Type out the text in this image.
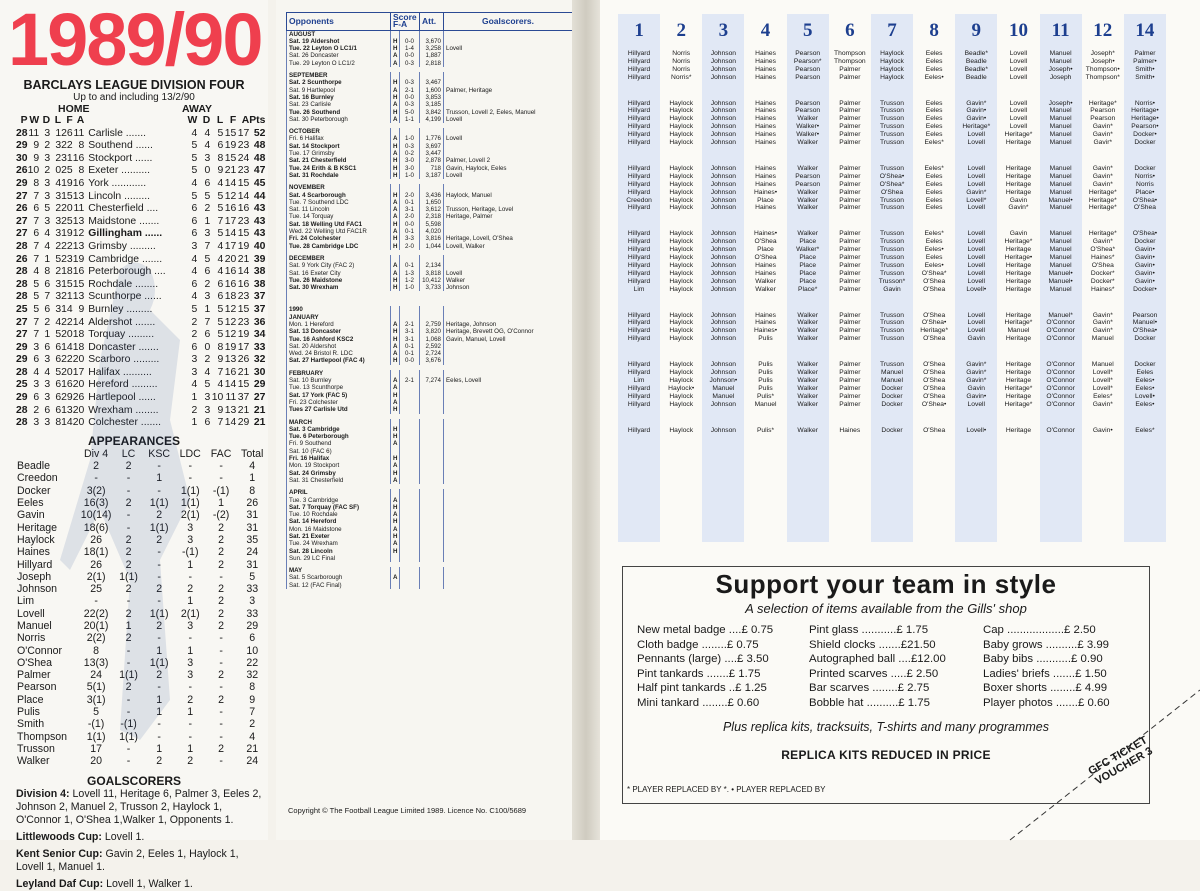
1989/90
BARCLAYS LEAGUE DIVISION FOUR
Up to and including 13/2/90
HOME	AWAY
P	W	D	L	F	A		W	D	L	F	A	Pts
28	11	3	1	26	11	Carlisle .......	4	4	5	15	17	52
29	9	2	3	22	8	Southend ......	5	4	6	19	23	48
30	9	3	2	31	16	Stockport ......	5	3	8	15	24	48
26	10	2	0	25	8	Exeter ..........	5	0	9	21	23	47
29	8	3	4	19	16	York ............	4	6	4	14	15	45
27	7	3	3	15	13	Lincoln .........	5	5	5	12	14	44
26	6	5	2	20	11	Chesterfield ....	6	2	5	16	16	43
27	7	3	3	25	13	Maidstone .......	6	1	7	17	23	43
27	6	4	3	19	12	Gillingham ......	6	3	5	14	15	43
28	7	4	2	22	13	Grimsby .........	3	7	4	17	19	40
26	7	1	5	23	19	Cambridge .......	4	5	4	20	21	39
28	4	8	2	18	16	Peterborough ....	4	6	4	16	14	38
28	5	6	3	15	15	Rochdale ........	6	2	6	16	16	38
28	5	7	3	21	13	Scunthorpe ......	4	3	6	18	23	37
25	5	6	3	14	9	Burnley .........	5	1	5	12	15	37
27	7	2	4	22	14	Aldershot .......	2	7	5	12	23	36
27	7	1	5	20	18	Torquay .........	2	6	5	12	19	34
29	3	6	6	14	18	Doncaster .......	6	0	8	19	17	33
29	6	3	6	22	20	Scarboro .........	3	2	9	13	26	32
28	4	4	5	20	17	Halifax ..........	3	4	7	16	21	30
25	3	3	6	16	20	Hereford .........	4	5	4	14	15	29
29	6	3	6	29	26	Hartlepool ......	1	3	10	11	37	27
28	2	6	6	13	20	Wrexham ........	2	3	9	13	21	21
28	3	3	8	14	20	Colchester .......	1	6	7	14	29	21
APPEARANCES
	Div 4	LC	KSC	LDC	FAC	Total
Beadle	2	2	-	-	-	4
Creedon	-	-	1	-	-	1
Docker	3(2)	-	-	1(1)	-(1)	8
Eeles	16(3)	2	1(1)	1(1)	1	26
Gavin	10(14)	-	2	2(1)	-(2)	31
Heritage	18(6)	-	1(1)	3	2	31
Haylock	26	2	2	3	2	35
Haines	18(1)	2	-	-(1)	2	24
Hillyard	26	2	-	1	2	31
Joseph	2(1)	1(1)	-	-	-	5
Johnson	25	2	2	2	2	33
Lim	-	-	-	1	2	3
Lovell	22(2)	2	1(1)	2(1)	2	33
Manuel	20(1)	1	2	3	2	29
Norris	2(2)	2	-	-	-	6
O'Connor	8	-	1	1	-	10
O'Shea	13(3)	-	1(1)	3	-	22
Palmer	24	1(1)	2	3	2	32
Pearson	5(1)	2	-	-	-	8
Place	3(1)	-	1	2	2	9
Pulis	5	-	1	1	-	7
Smith	-(1)	-(1)	-	-	-	2
Thompson	1(1)	1(1)	-	-	-	4
Trusson	17	-	1	1	2	21
Walker	20	-	2	2	-	24
GOALSCORERS

Division 4: Lovell 11, Heritage 6, Palmer 3, Eeles 2, Johnson 2, Manuel 2, Trusson 2, Haylock 1, O'Connor 1, O'Shea 1,Walker 1, Opponents 1.

Littlewoods Cup: Lovell 1.

Kent Senior Cup: Gavin 2, Eeles 1, Haylock 1, Lovell 1, Manuel 1.

Leyland Daf Cup: Lovell 1, Walker 1.

Opponents	Score F-A		Att.	Goalscorers.
AUGUST				
Sat. 19 Aldershot	H	0-0	3,670	
Tue. 22 Leyton O LC1/1	H	1-4	3,258	Lovell
Sat. 26 Doncaster	A	0-0	1,887	
Tue. 29 Leyton O LC1/2	A	0-3	2,818	

SEPTEMBER				
Sat. 2 Scunthorpe	H	0-3	3,467	
Sat. 9 Hartlepool	A	2-1	1,600	Palmer, Heritage
Sat. 16 Burnley	H	0-0	3,853	
Sat. 23 Carlisle	A	0-3	3,185	
Tue. 26 Southend	H	5-0	3,842	Trusson, Lovell 2, Eeles, Manuel
Sat. 30 Peterborough	A	1-1	4,199	Lovell

OCTOBER				
Fri. 6 Halifax	A	1-0	1,776	Lovell
Sat. 14 Stockport	H	0-3	3,697	
Tue. 17 Grimsby	A	0-2	3,447	
Sat. 21 Chesterfield	H	3-0	2,878	Palmer, Lovell 2
Tue. 24 Erith & B KSC1	H	3-0	718	Gavin, Haylock, Eeles
Sat. 31 Rochdale	H	1-0	3,187	Lovell

NOVEMBER				
Sat. 4 Scarborough	H	2-0	3,436	Haylock, Manuel
Tue. 7 Southend LDC	A	0-1	1,650	
Sat. 11 Lincoln	A	3-1	3,612	Trusson, Heritage, Lovel
Tue. 14 Torquay	A	2-0	2,318	Heritage, Palmer
Sat. 18 Welling Utd FAC1	H	0-0	5,598	
Wed. 22 Welling Utd FAC1R	A	0-1	4,020	
Fri. 24 Colchester	H	3-3	3,816	Heritage, Lovell, O'Shea
Tue. 28 Cambridge LDC	H	2-0	1,044	Lovell, Walker

DECEMBER				
Sat. 9 York City (FAC 2)	A	0-1	2,134	
Sat. 16 Exeter City	A	1-3	3,818	Lovell
Tue. 26 Maidstone	H	1-2	10,412	Walker
Sat. 30 Wrexham	H	1-0	3,733	Johnson

1990				
JANUARY				
Mon. 1 Hereford	A	2-1	2,759	Heritage, Johnson
Sat. 13 Doncaster	H	3-1	3,820	Heritage, Brevett OG, O'Connor
Tue. 16 Ashford KSC2	H	3-1	1,068	Gavin, Manuel, Lovell
Sat. 20 Aldershot	A	0-1	2,592	
Wed. 24 Bristol R. LDC	A	0-1	2,724	
Sat. 27 Hartlepool (FAC 4)	H	0-0	3,676	

FEBRUARY				
Sat. 10 Burnley	A	2-1	7,274	Eeles, Lovell
Tue. 13 Scunthorpe	A			
Sat. 17 York (FAC 5)	H			
Fri. 23 Colchester	A			
Tues 27 Carlisle Utd	H			

MARCH				
Sat. 3 Cambridge	H			
Tue. 6 Peterborough	H			
Fri. 9 Southend	A			
Sat. 10 (FAC 6)				
Fri. 16 Halifax	H			
Mon. 19 Stockport	A			
Sat. 24 Grimsby	H			
Sat. 31 Chesterfield	A			

APRIL				
Tue. 3 Cambridge	A			
Sat. 7 Torquay (FAC SF)	H			
Tue. 10 Rochdale	A			
Sat. 14 Hereford	H			
Mon. 16 Maidstone	A			
Sat. 21 Exeter	H			
Tue. 24 Wrexham	A			
Sat. 28 Lincoln	H			
Sun. 29 LC Final				

MAY				
Sat. 5 Scarborough	A			
Sat. 12 (FAC Final)				
Copyright © The Football League Limited 1989. Licence No. C100/5689
1	2	3	4	5	6	7	8	9	10	11	12	14
Hillyard	Norris	Johnson	Haines	Pearson	Thompson	Haylock	Eeles	Beadle*	Lovell	Manuel	Joseph*	Palmer
Hillyard	Norris	Johnson	Haines	Pearson*	Thompson	Haylock	Eeles	Beadle	Lovell	Manuel	Joseph•	Palmer•
Hillyard	Norris	Johnson	Haines	Pearson	Palmer	Haylock	Eeles	Beadle*	Lovell	Joseph•	Thompson•	Smith•
Hillyard	Norris*	Johnson	Haines	Pearson	Palmer	Haylock	Eeles•	Beadle	Lovell	Joseph	Thompson*	Smith•
Hillyard	Haylock	Johnson	Haines	Pearson	Palmer	Trusson	Eeles	Gavin*	Lovell	Joseph•	Heritage*	Norris•
Hillyard	Haylock	Johnson	Haines	Pearson	Palmer	Trusson	Eeles	Gavin•	Lovell	Manuel	Pearson	Heritage•
Hillyard	Haylock	Johnson	Haines	Walker	Palmer	Trusson	Eeles	Gavin•	Lovell	Manuel	Pearson	Heritage•
Hillyard	Haylock	Johnson	Haines	Walker•	Palmer	Trusson	Eeles	Heritage*	Lovell	Manuel	Gavin*	Pearson•
Hillyard	Haylock	Johnson	Haines	Walker•	Palmer	Trusson	Eeles	Lovell	Heritage*	Manuel	Gavin*	Docker•
Hillyard	Haylock	Johnson	Haines	Walker	Palmer	Trusson	Eeles*	Lovell	Heritage	Manuel	Gavir*	Docker
Hillyard	Haylock	Johnson	Haines	Walker	Palmer	Trusson	Eeles*	Lovell	Heritage	Manuel	Gavin*	Docker
Hillyard	Haylock	Johnson	Haines	Pearson	Palmer	O'Shea•	Eeles	Lovell	Heritage	Manuel	Gavin*	Norris•
Hillyard	Haylock	Johnson	Haines	Pearson	Palmer	O'Shea*	Eeles	Lovell	Heritage	Manuel	Gavin*	Norris
Hillyard	Haylock	Johnson	Haines•	Walker	Palmer	O'Shea	Eeles	Gavin*	Heritage	Manuel	Heritage*	Place•
Creedon	Haylock	Johnson	Place	Walker	Palmer	Trusson	Eeles	Lovell*	Gavin	Manuel•	Heritage*	O'Shea•
Hillyard	Haylock	Johnson	Haines	Walker	Palmer	Trusson	Eeles	Lovell	Gavin*	Manuel	Heritage*	O'Shea
Hillyard	Haylock	Johnson	Haines•	Walker	Palmer	Trusson	Eeles*	Lovell	Gavin	Manuel	Heritage*	O'Shea•
Hillyard	Haylock	Johnson	O'Shea	Place	Palmer	Trusson	Eeles	Lovell	Heritage*	Manuel	Gavin*	Docker
Hillyard	Haylock	Johnson	Place	Walker*	Palmer	Trusson	Eeles•	Lovell	Heritage	Manuel	O'Shea*	Gavin•
Hillyard	Haylock	Johnson	O'Shea	Place	Palmer	Trusson	Eeles	Lovell	Heritage•	Manuel	Haines*	Gavin•
Hillyard	Haylock	Johnson	Haines	Place	Palmer	Trusson	Eeles•	Lovell	Heritage	Manuel	O'Shea	Gavin•
Hillyard	Haylock	Johnson	Haines	Place	Palmer	Trusson	O'Shea*	Lovell	Heritage	Manuel•	Docker*	Gavin•
Hillyard	Haylock	Johnson	Walker	Place	Palmer	Trusson*	O'Shea	Lovell	Heritage	Manuel•	Docker*	Gavin•
Lim	Haylock	Johnson	Walker	Place*	Palmer	Gavin	O'Shea	Lovell•	Heritage	Manuel	Haines*	Docker•
Hillyard	Haylock	Johnson	Haines	Walker	Palmer	Trusson	O'Shea	Lovell	Heritage	Manuel*	Gavin*	Pearson
Hillyard	Haylock	Johnson	Haines	Walker	Palmer	Trusson	O'Shea•	Lovell	Heritage*	O'Connor	Gavin*	Manuel•
Hillyard	Haylock	Johnson	Haines•	Walker	Palmer	Trusson	Heritage*	Lovell	Manuel	O'Connor	Gavin*	O'Shea•
Hillyard	Haylock	Johnson	Pulis	Walker	Palmer	Trusson	O'Shea	Gavin	Heritage	O'Connor	Manuel	Docker
Hillyard	Haylock	Johnson	Pulis	Walker	Palmer	Trusson	O'Shea	Gavin*	Heritage	O'Connor	Manuel	Docker
Hillyard	Haylock	Johnson	Pulis	Walker	Palmer	Manuel	O'Shea	Gavin*	Heritage	O'Connor	Lovell*	Eeles
Lim	Haylock	Johnson•	Pulis	Walker	Palmer	Manuel	O'Shea	Gavin*	Heritage	O'Connor	Lovell*	Eeles•
Hillyard	Haylock•	Manuel	Pulis	Walker	Palmer	Docker	O'Shea	Gavin	Heritage*	O'Connor	Lovell*	Eeles•
Hillyard	Haylock	Manuel	Pulis*	Walker	Palmer	Docker	O'Shea	Gavin•	Heritage	O'Connor	Eeles*	Lovell•
Hillyard	Haylock	Johnson	Manuel	Walker	Palmer	Docker	O'Shea•	Lovell	Heritage*	O'Connor	Gavin*	Eeles•
Hillyard	Haylock	Johnson	Pulis*	Walker	Haines	Docker	O'Shea	Lovell•	Heritage	O'Connor	Gavin•	Eeles*
Support your team in style
A selection of items available from the Gills' shop
New metal badge ....£ 0.75	Pint glass ...........£ 1.75	Cap ..................£ 2.50
Cloth badge ........£ 0.75	Shield clocks .......£21.50	Baby grows ..........£ 3.99
Pennants (large) ....£ 3.50	Autographed ball ....£12.00	Baby bibs ...........£ 0.90
Pint tankards .......£ 1.75	Printed scarves .....£ 2.50	Ladies' briefs .......£ 1.50
Half pint tankards ..£ 1.25	Bar scarves ........£ 2.75	Boxer shorts ........£ 4.99
Mini tankard ........£ 0.60	Bobble hat ..........£ 1.75	Player photos .......£ 0.60
Plus replica kits, tracksuits, T-shirts and many programmes
REPLICA KITS REDUCED IN PRICE
* PLAYER REPLACED BY *. • PLAYER REPLACED BY
GFC TICKET VOUCHER 3
